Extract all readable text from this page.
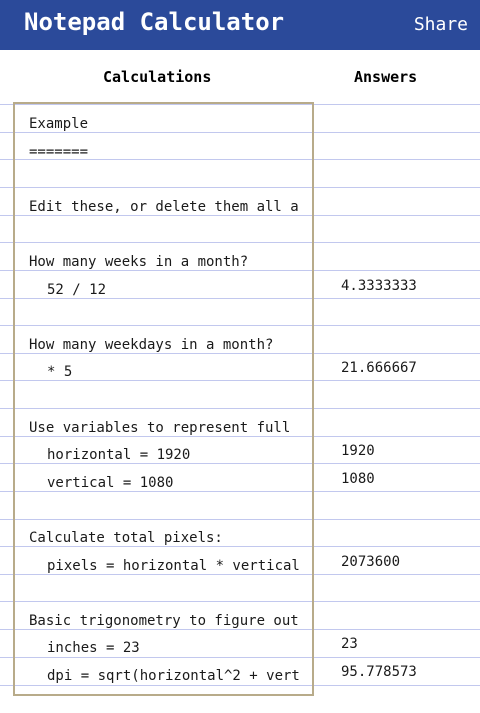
Notepad Calculator	Share
Calculations	Answers
Example
=======
Edit these, or delete them all a
How many weeks in a month?
52 / 12	4.3333333
How many weekdays in a month?
* 5	21.666667
Use variables to represent full
horizontal = 1920	1920
vertical = 1080	1080
Calculate total pixels:
pixels = horizontal * vertical	2073600
Basic trigonometry to figure out
inches = 23	23
dpi = sqrt(horizontal^2 + vert	95.778573
